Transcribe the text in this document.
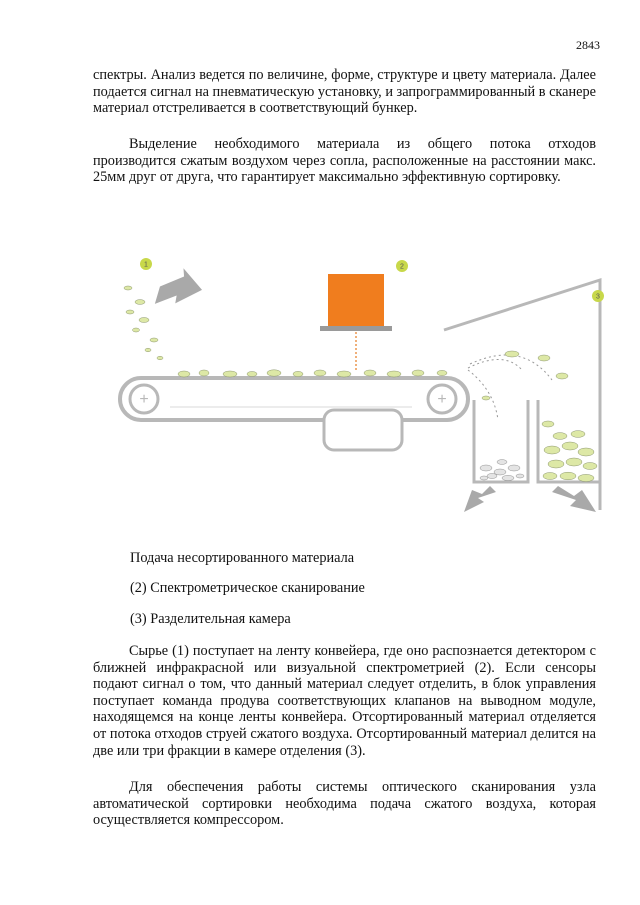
2843

спектры. Анализ ведется по величине, форме, структуре и цвету материала. Далее подается сигнал на пневматическую установку, и запрограммированный в сканере материал отстреливается в соответствующий бункер.

Выделение необходимого материала из общего потока отходов производится сжатым воздухом через сопла, расположенные на расстоянии макс. 25мм друг от друга, что гарантирует максимально эффективную сортировку.

1	2
+	+
3

Подача несортированного материала

(2) Спектрометрическое сканирование

(3) Разделительная камера

Сырье (1) поступает на ленту конвейера, где оно распознается детектором с ближней инфракрасной или визуальной спектрометрией (2). Если сенсоры подают сигнал о том, что данный материал следует отделить, в блок управления поступает команда продува соответствующих клапанов на выводном модуле, находящемся на конце ленты конвейера. Отсортированный материал отделяется от потока отходов струей сжатого воздуха. Отсортированный материал делится на две или три фракции в камере отделения (3).

Для обеспечения работы системы оптического сканирования узла автоматической сортировки необходима подача сжатого воздуха, которая осуществляется компрессором.
